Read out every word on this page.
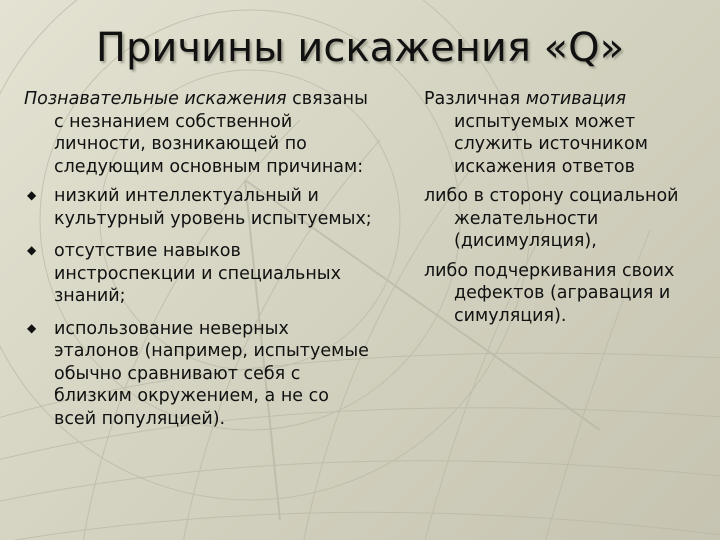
Причины искажения «Q»
Познавательные искажения связаны с незнанием собственной личности, возникающей по следующим основным причинам:
◆ низкий интеллектуальный и культурный уровень испытуемых;
◆ отсутствие навыков инстроспекции и специальных знаний;
◆ использование неверных эталонов (например, испытуемые обычно сравнивают себя с близким окружением, а не со всей популяцией).
Различная мотивация испытуемых может служить источником искажения ответов
либо в сторону социальной желательности (дисимуляция),
либо подчеркивания своих дефектов (агравация и симуляция).
